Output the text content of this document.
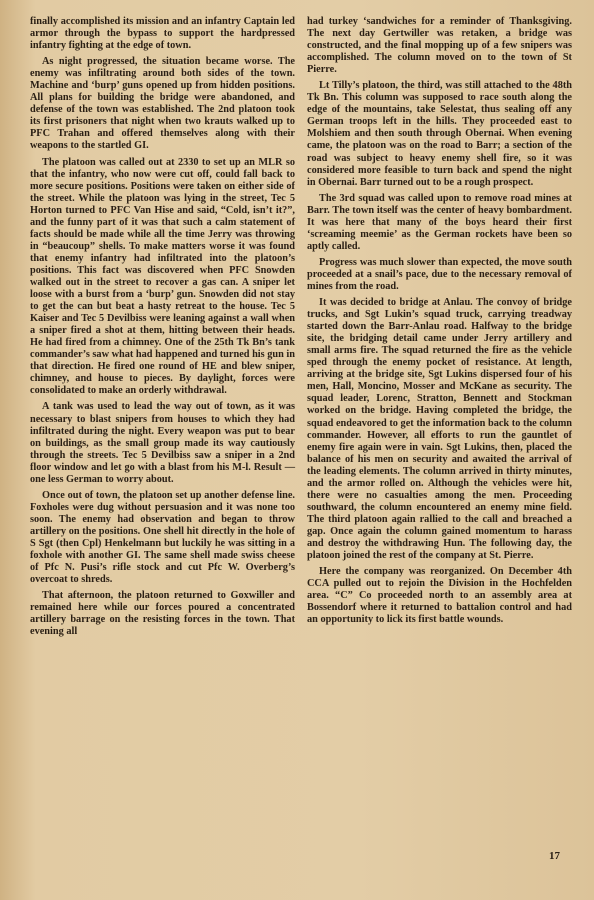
finally accomplished its mission and an infantry Captain led armor through the bypass to support the hardpressed infantry fighting at the edge of town.

As night progressed, the situation became worse. The enemy was infiltrating around both sides of the town. Machine and ‘burp’ guns opened up from hidden positions. All plans for building the bridge were abandoned, and defense of the town was established. The 2nd platoon took its first prisoners that night when two krauts walked up to PFC Trahan and offered themselves along with their weapons to the startled GI.

The platoon was called out at 2330 to set up an MLR so that the infantry, who now were cut off, could fall back to more secure positions. Positions were taken on either side of the street. While the platoon was lying in the street, Tec 5 Horton turned to PFC Van Hise and said, “Cold, isn’t it?”, and the funny part of it was that such a calm statement of facts should be made while all the time Jerry was throwing in “beaucoup” shells. To make matters worse it was found that enemy infantry had infiltrated into the platoon’s positions. This fact was discovered when PFC Snowden walked out in the street to recover a gas can. A sniper let loose with a burst from a ‘burp’ gun. Snowden did not stay to get the can but beat a hasty retreat to the house. Tec 5 Kaiser and Tec 5 Devilbiss were leaning against a wall when a sniper fired a shot at them, hitting between their heads. He had fired from a chimney. One of the 25th Tk Bn’s tank commander’s saw what had happened and turned his gun in that direction. He fired one round of HE and blew sniper, chimney, and house to pieces. By daylight, forces were consolidated to make an orderly withdrawal.

A tank was used to lead the way out of town, as it was necessary to blast snipers from houses to which they had infiltrated during the night. Every weapon was put to bear on buildings, as the small group made its way cautiously through the streets. Tec 5 Devilbiss saw a sniper in a 2nd floor window and let go with a blast from his M-l. Result — one less German to worry about.

Once out of town, the platoon set up another defense line. Foxholes were dug without persuasion and it was none too soon. The enemy had observation and began to throw artillery on the positions. One shell hit directly in the hole of S Sgt (then Cpl) Henkelmann but luckily he was sitting in a foxhole with another GI. The same shell made swiss cheese of Pfc N. Pusi’s rifle stock and cut Pfc W. Overberg’s overcoat to shreds.

That afternoon, the platoon returned to Goxwiller and remained here while our forces poured a concentrated artillery barrage on the resisting forces in the town. That evening all

had turkey ‘sandwiches for a reminder of Thanksgiving. The next day Gertwiller was retaken, a bridge was constructed, and the final mopping up of a few snipers was accomplished. The column moved on to the town of St Pierre.

Lt Tilly’s platoon, the third, was still attached to the 48th Tk Bn. This column was supposed to race south along the edge of the mountains, take Selestat, thus sealing off any German troops left in the hills. They proceeded east to Molshiem and then south through Obernai. When evening came, the platoon was on the road to Barr; a section of the road was subject to heavy enemy shell fire, so it was considered more feasible to turn back and spend the night in Obernai. Barr turned out to be a rough prospect.

The 3rd squad was called upon to remove road mines at Barr. The town itself was the center of heavy bombardment. It was here that many of the boys heard their first ‘screaming meemie’ as the German rockets have been so aptly called.

Progress was much slower than expected, the move south proceeded at a snail’s pace, due to the necessary removal of mines from the road.

It was decided to bridge at Anlau. The convoy of bridge trucks, and Sgt Lukin’s squad truck, carrying treadway started down the Barr-Anlau road. Halfway to the bridge site, the bridging detail came under Jerry artillery and small arms fire. The squad returned the fire as the vehicle sped through the enemy pocket of resistance. At length, arriving at the bridge site, Sgt Lukins dispersed four of his men, Hall, Moncino, Mosser and McKane as security. The squad leader, Lorenc, Stratton, Bennett and Stockman worked on the bridge. Having completed the bridge, the squad endeavored to get the information back to the column commander. However, all efforts to run the gauntlet of enemy fire again were in vain. Sgt Lukins, then, placed the balance of his men on security and awaited the arrival of the leading elements. The column arrived in thirty minutes, and the armor rolled on. Although the vehicles were hit, there were no casualties among the men. Proceeding southward, the column encountered an enemy mine field. The third platoon again rallied to the call and breached a gap. Once again the column gained momentum to harass and destroy the withdrawing Hun. The following day, the platoon joined the rest of the company at St. Pierre.

Here the company was reorganized. On December 4th CCA pulled out to rejoin the Division in the Hochfelden area. “C” Co proceeded north to an assembly area at Bossendorf where it returned to battalion control and had an opportunity to lick its first battle wounds.

17
